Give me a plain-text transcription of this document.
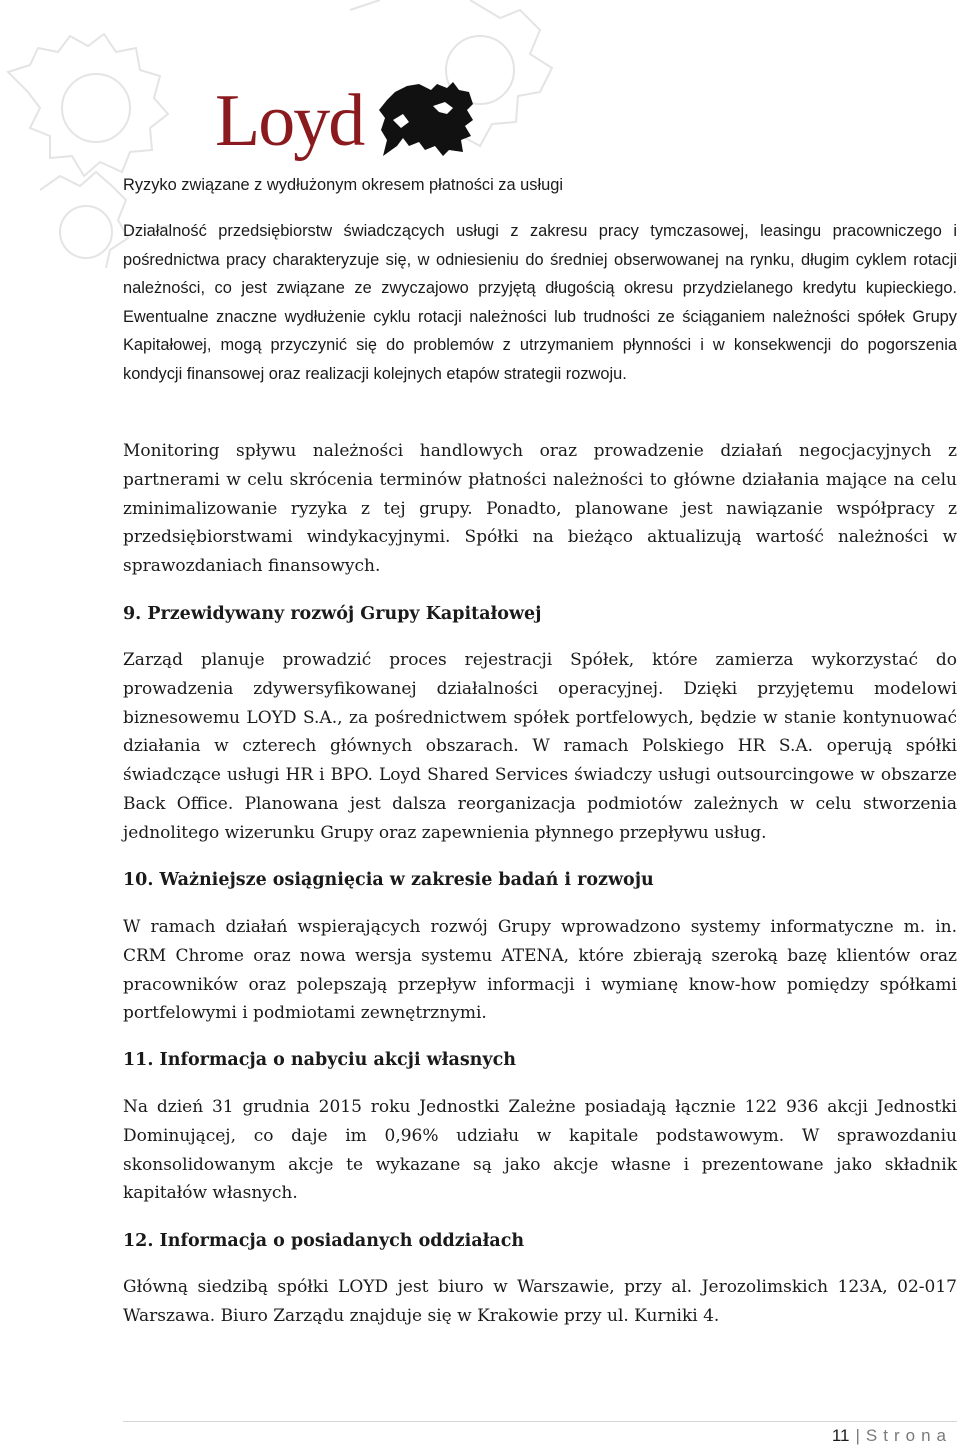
Loyd

Ryzyko związane z wydłużonym okresem płatności za usługi

Działalność przedsiębiorstw świadczących usługi z zakresu pracy tymczasowej, leasingu pracowniczego i pośrednictwa pracy charakteryzuje się, w odniesieniu do średniej obserwowanej na rynku, długim cyklem rotacji należności, co jest związane ze zwyczajowo przyjętą długością okresu przydzielanego kredytu kupieckiego. Ewentualne znaczne wydłużenie cyklu rotacji należności lub trudności ze ściąganiem należności spółek Grupy Kapitałowej, mogą przyczynić się do problemów z utrzymaniem płynności i w konsekwencji do pogorszenia kondycji finansowej oraz realizacji kolejnych etapów strategii rozwoju.

Monitoring spływu należności handlowych oraz prowadzenie działań negocjacyjnych z partnerami w celu skrócenia terminów płatności należności to główne działania mające na celu zminimalizowanie ryzyka z tej grupy. Ponadto, planowane jest nawiązanie współpracy z przedsiębiorstwami windykacyjnymi. Spółki na bieżąco aktualizują wartość należności w sprawozdaniach finansowych.

9. Przewidywany rozwój Grupy Kapitałowej

Zarząd planuje prowadzić proces rejestracji Spółek, które zamierza wykorzystać do prowadzenia zdywersyfikowanej działalności operacyjnej. Dzięki przyjętemu modelowi biznesowemu LOYD S.A., za pośrednictwem spółek portfelowych, będzie w stanie kontynuować działania w czterech głównych obszarach. W ramach Polskiego HR S.A. operują spółki świadczące usługi HR i BPO. Loyd Shared Services świadczy usługi outsourcingowe w obszarze Back Office. Planowana jest dalsza reorganizacja podmiotów zależnych w celu stworzenia jednolitego wizerunku Grupy oraz zapewnienia płynnego przepływu usług.

10. Ważniejsze osiągnięcia w zakresie badań i rozwoju

W ramach działań wspierających rozwój Grupy wprowadzono systemy informatyczne m. in. CRM Chrome oraz nowa wersja systemu ATENA, które zbierają szeroką bazę klientów oraz pracowników oraz polepszają przepływ informacji i wymianę know-how pomiędzy spółkami portfelowymi i podmiotami zewnętrznymi.

11. Informacja o nabyciu akcji własnych

Na dzień 31 grudnia 2015 roku Jednostki Zależne posiadają łącznie 122 936 akcji Jednostki Dominującej, co daje im 0,96% udziału w kapitale podstawowym. W sprawozdaniu skonsolidowanym akcje te wykazane są jako akcje własne i prezentowane jako składnik kapitałów własnych.

12. Informacja o posiadanych oddziałach

Główną siedzibą spółki LOYD jest biuro w Warszawie, przy al. Jerozolimskich 123A, 02-017 Warszawa. Biuro Zarządu znajduje się w Krakowie przy ul. Kurniki 4.

11 | Strona
